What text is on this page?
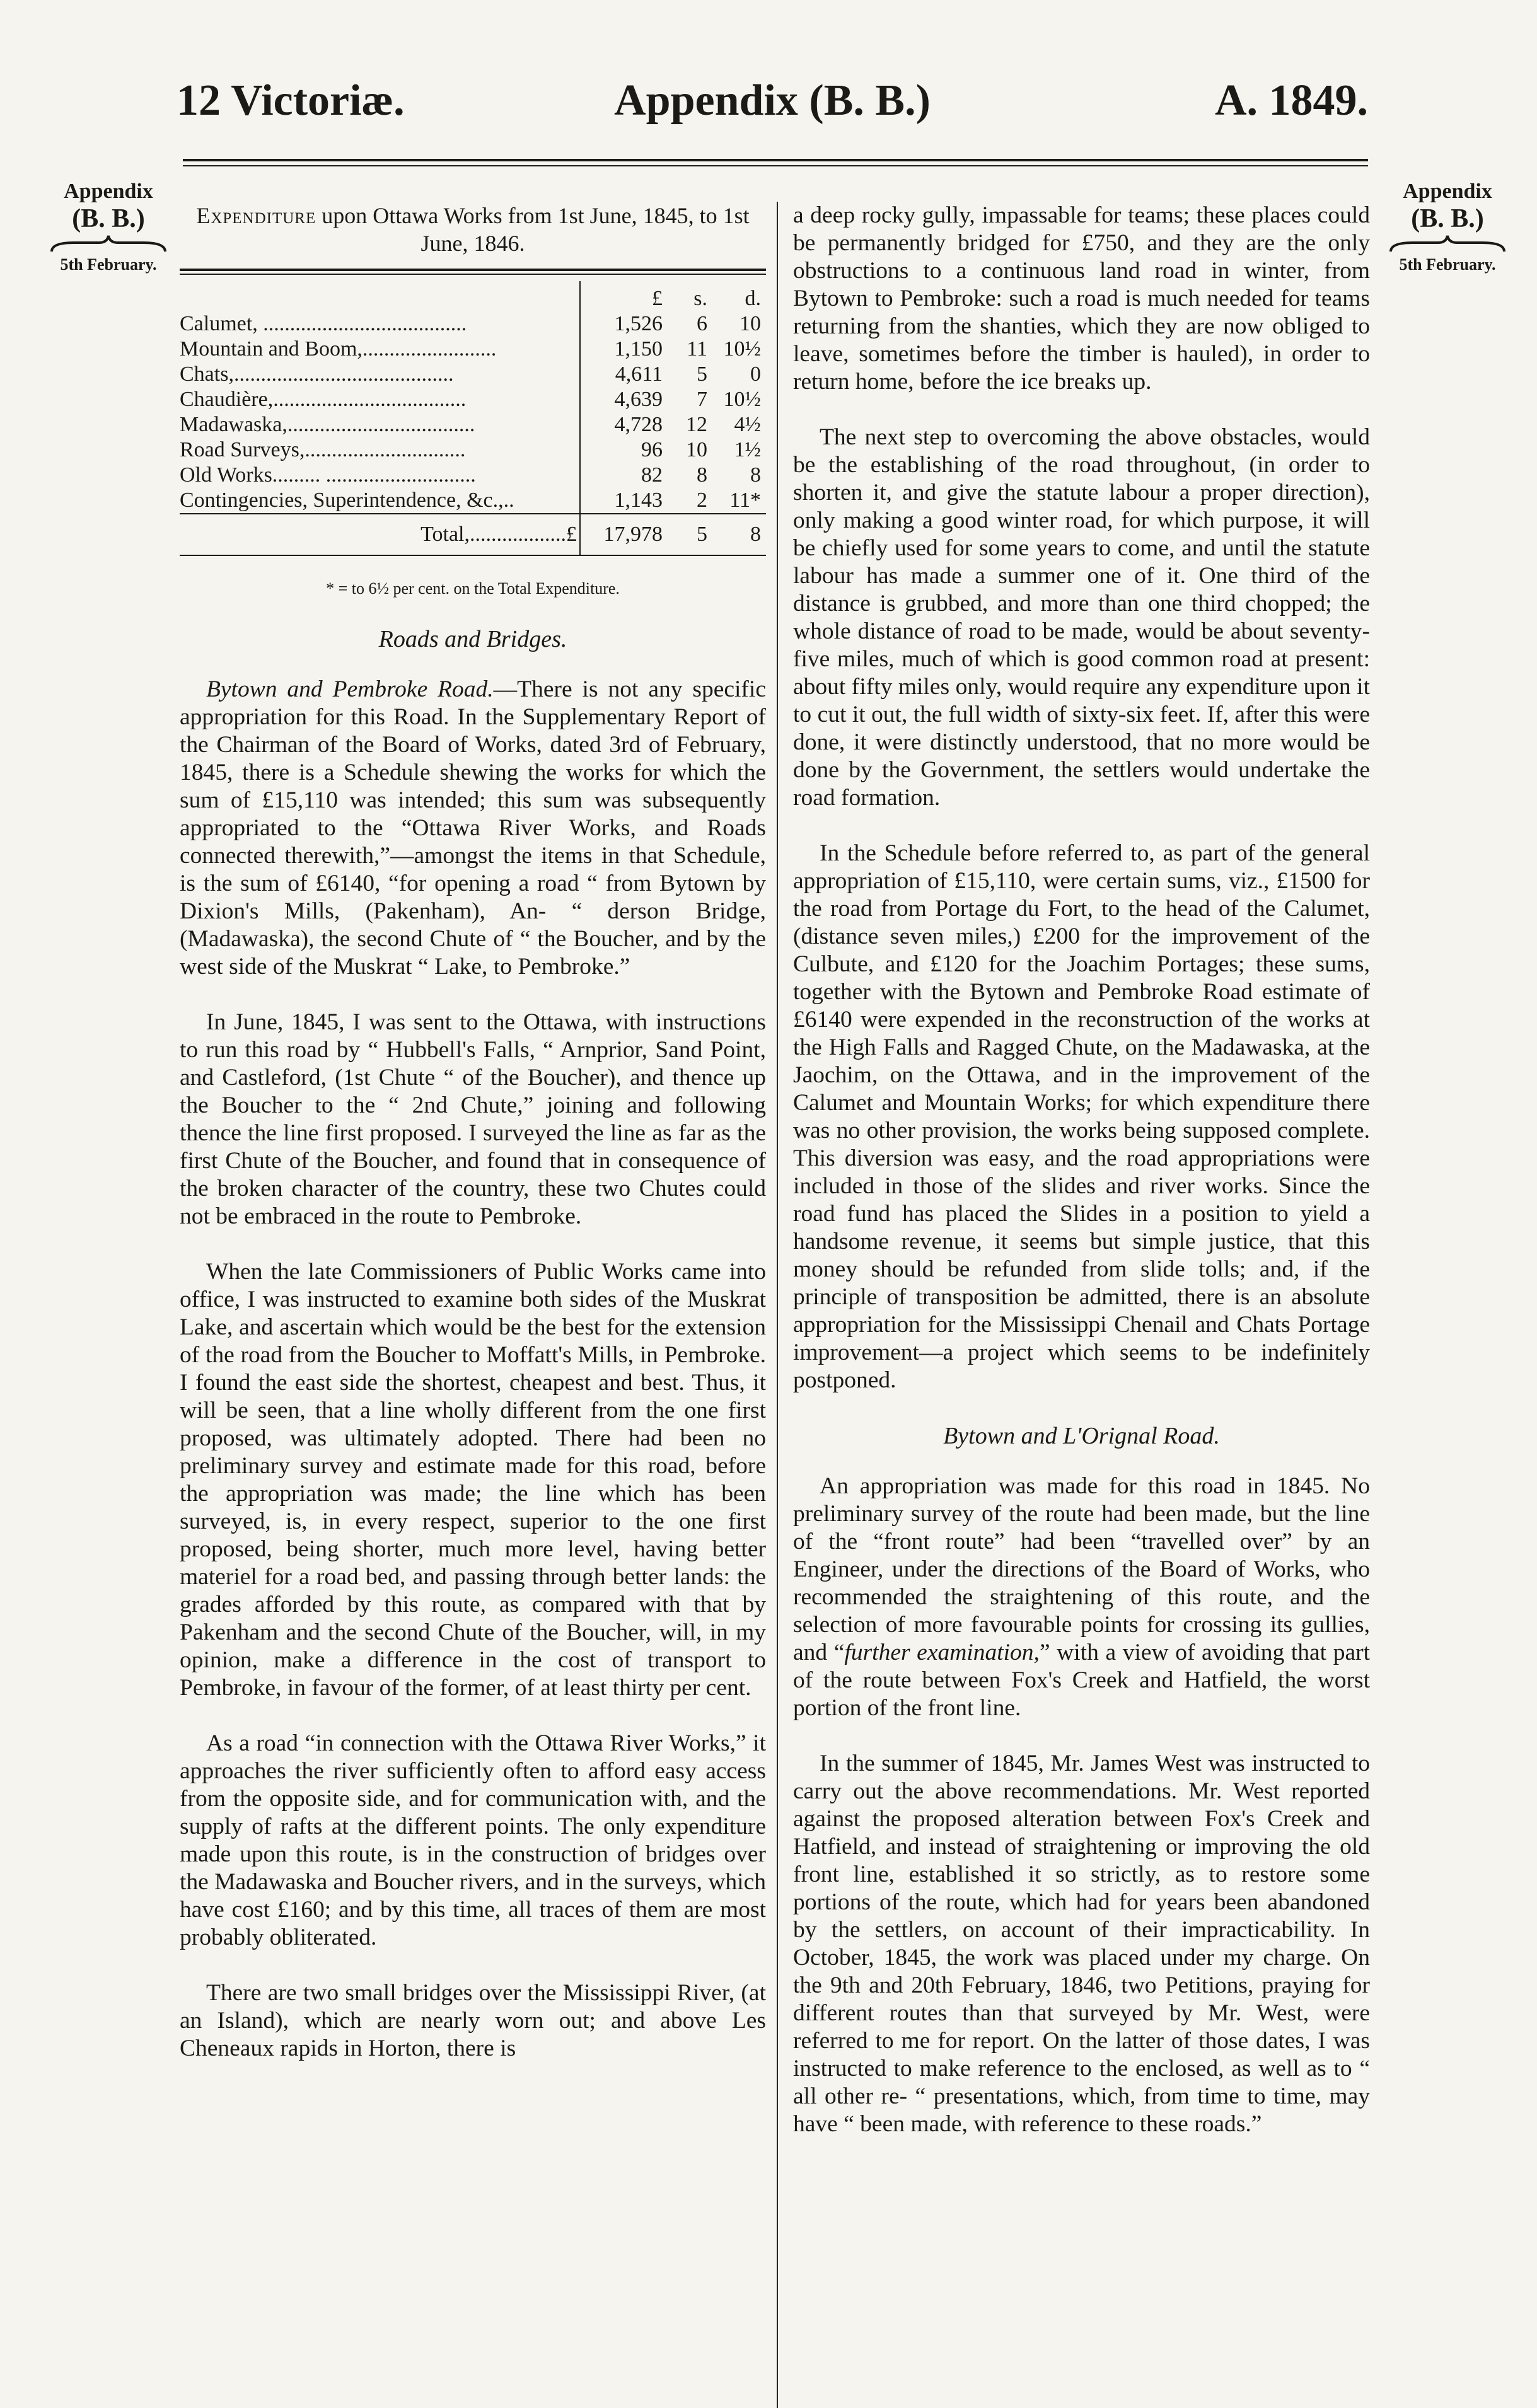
12 Victoriæ.	Appendix (B. B.)	A. 1849.
Appendix
(B. B.)
5th February.
Appendix
(B. B.)
5th February.
Expenditure upon Ottawa Works from 1st June, 1845, to 1st June, 1846.
	£	s.	d.
Calumet, ......................................	1,526	6	10
Mountain and Boom,.........................	1,150	11	10½
Chats,.........................................	4,611	5	0
Chaudière,....................................	4,639	7	10½
Madawaska,...................................	4,728	12	4½
Road Surveys,..............................	96	10	1½
Old Works......... ............................	82	8	8
Contingencies, Superintendence, &c.,..	1,143	2	11*
Total,..................£	17,978	5	8
* = to 6½ per cent. on the Total Expenditure.
Roads and Bridges.

Bytown and Pembroke Road.—There is not any specific appropriation for this Road. In the Supplementary Report of the Chairman of the Board of Works, dated 3rd of February, 1845, there is a Schedule shewing the works for which the sum of £15,110 was intended; this sum was subsequently appropriated to the “Ottawa River Works, and Roads connected therewith,”—amongst the items in that Schedule, is the sum of £6140, “for opening a road “ from Bytown by Dixion's Mills, (Pakenham), An- “ derson Bridge, (Madawaska), the second Chute of “ the Boucher, and by the west side of the Muskrat “ Lake, to Pembroke.”

In June, 1845, I was sent to the Ottawa, with instructions to run this road by “ Hubbell's Falls, “ Arnprior, Sand Point, and Castleford, (1st Chute “ of the Boucher), and thence up the Boucher to the “ 2nd Chute,” joining and following thence the line first proposed. I surveyed the line as far as the first Chute of the Boucher, and found that in consequence of the broken character of the country, these two Chutes could not be embraced in the route to Pembroke.

When the late Commissioners of Public Works came into office, I was instructed to examine both sides of the Muskrat Lake, and ascertain which would be the best for the extension of the road from the Boucher to Moffatt's Mills, in Pembroke. I found the east side the shortest, cheapest and best. Thus, it will be seen, that a line wholly different from the one first proposed, was ultimately adopted. There had been no preliminary survey and estimate made for this road, before the appropriation was made; the line which has been surveyed, is, in every respect, superior to the one first proposed, being shorter, much more level, having better materiel for a road bed, and passing through better lands: the grades afforded by this route, as compared with that by Pakenham and the second Chute of the Boucher, will, in my opinion, make a difference in the cost of transport to Pembroke, in favour of the former, of at least thirty per cent.

As a road “in connection with the Ottawa River Works,” it approaches the river sufficiently often to afford easy access from the opposite side, and for communication with, and the supply of rafts at the different points. The only expenditure made upon this route, is in the construction of bridges over the Madawaska and Boucher rivers, and in the surveys, which have cost £160; and by this time, all traces of them are most probably obliterated.

There are two small bridges over the Mississippi River, (at an Island), which are nearly worn out; and above Les Cheneaux rapids in Horton, there is

a deep rocky gully, impassable for teams; these places could be permanently bridged for £750, and they are the only obstructions to a continuous land road in winter, from Bytown to Pembroke: such a road is much needed for teams returning from the shanties, which they are now obliged to leave, sometimes before the timber is hauled), in order to return home, before the ice breaks up.

The next step to overcoming the above obstacles, would be the establishing of the road throughout, (in order to shorten it, and give the statute labour a proper direction), only making a good winter road, for which purpose, it will be chiefly used for some years to come, and until the statute labour has made a summer one of it. One third of the distance is grubbed, and more than one third chopped; the whole distance of road to be made, would be about seventy-five miles, much of which is good common road at present: about fifty miles only, would require any expenditure upon it to cut it out, the full width of sixty-six feet. If, after this were done, it were distinctly understood, that no more would be done by the Government, the settlers would undertake the road formation.

In the Schedule before referred to, as part of the general appropriation of £15,110, were certain sums, viz., £1500 for the road from Portage du Fort, to the head of the Calumet, (distance seven miles,) £200 for the improvement of the Culbute, and £120 for the Joachim Portages; these sums, together with the Bytown and Pembroke Road estimate of £6140 were expended in the reconstruction of the works at the High Falls and Ragged Chute, on the Madawaska, at the Jaochim, on the Ottawa, and in the improvement of the Calumet and Mountain Works; for which expenditure there was no other provision, the works being supposed complete. This diversion was easy, and the road appropriations were included in those of the slides and river works. Since the road fund has placed the Slides in a position to yield a handsome revenue, it seems but simple justice, that this money should be refunded from slide tolls; and, if the principle of transposition be admitted, there is an absolute appropriation for the Mississippi Chenail and Chats Portage improvement—a project which seems to be indefinitely postponed.

Bytown and L'Orignal Road.

An appropriation was made for this road in 1845. No preliminary survey of the route had been made, but the line of the “front route” had been “travelled over” by an Engineer, under the directions of the Board of Works, who recommended the straightening of this route, and the selection of more favourable points for crossing its gullies, and “further examination,” with a view of avoiding that part of the route between Fox's Creek and Hatfield, the worst portion of the front line.

In the summer of 1845, Mr. James West was instructed to carry out the above recommendations. Mr. West reported against the proposed alteration between Fox's Creek and Hatfield, and instead of straightening or improving the old front line, established it so strictly, as to restore some portions of the route, which had for years been abandoned by the settlers, on account of their impracticability. In October, 1845, the work was placed under my charge. On the 9th and 20th February, 1846, two Petitions, praying for different routes than that surveyed by Mr. West, were referred to me for report. On the latter of those dates, I was instructed to make reference to the enclosed, as well as to “ all other re- “ presentations, which, from time to time, may have “ been made, with reference to these roads.”
